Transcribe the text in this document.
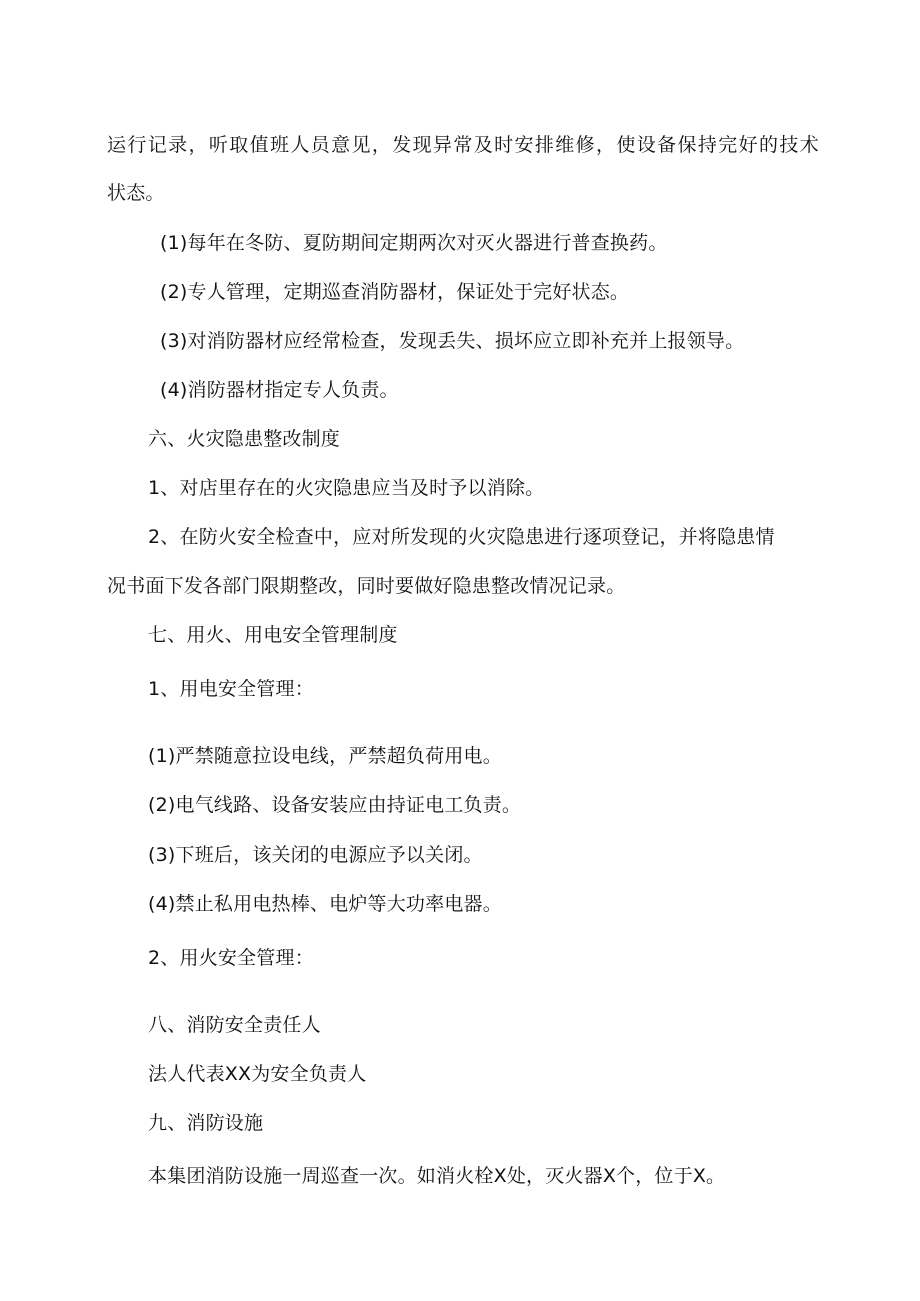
运行记录，听取值班人员意见，发现异常及时安排维修，使设备保持完好的技术
状态。
(1)每年在冬防、夏防期间定期两次对灭火器进行普查换药。
(2)专人管理，定期巡查消防器材，保证处于完好状态。
(3)对消防器材应经常检查，发现丢失、损坏应立即补充并上报领导。
(4)消防器材指定专人负责。
六、火灾隐患整改制度
1、对店里存在的火灾隐患应当及时予以消除。
2、在防火安全检查中，应对所发现的火灾隐患进行逐项登记，并将隐患情
况书面下发各部门限期整改，同时要做好隐患整改情况记录。
七、用火、用电安全管理制度
1、用电安全管理：
(1)严禁随意拉设电线，严禁超负荷用电。
(2)电气线路、设备安装应由持证电工负责。
(3)下班后，该关闭的电源应予以关闭。
(4)禁止私用电热棒、电炉等大功率电器。
2、用火安全管理：
八、消防安全责任人
法人代表XX为安全负责人
九、消防设施
本集团消防设施一周巡查一次。如消火栓X处，灭火器X个，位于X。
